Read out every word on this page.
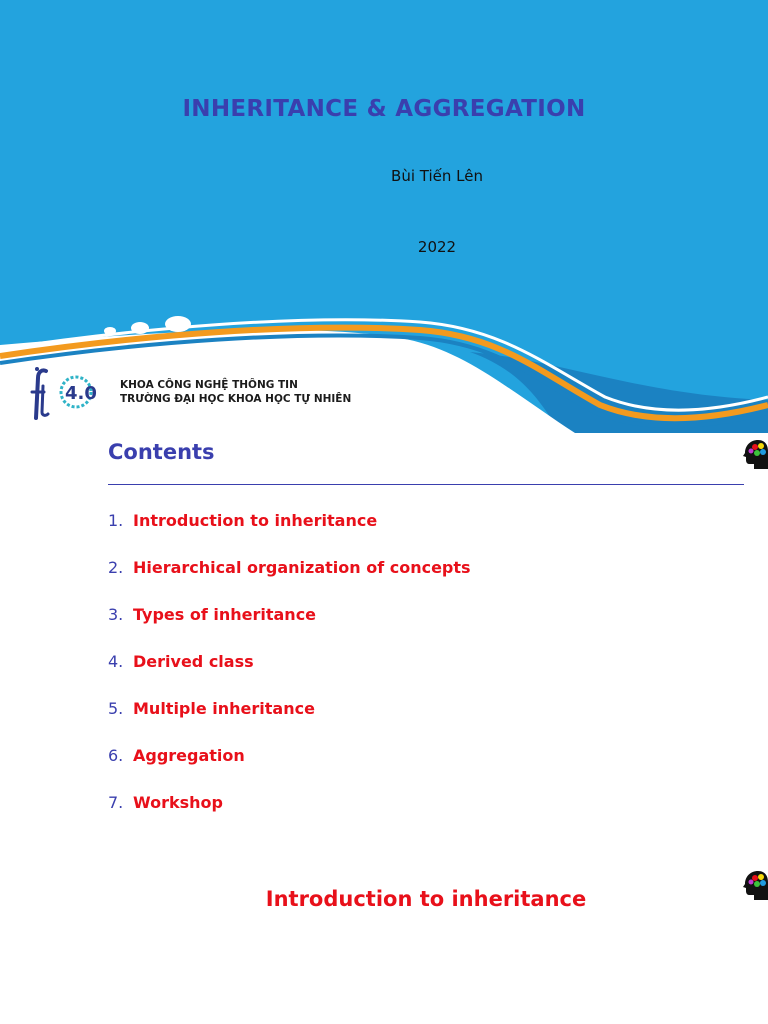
INHERITANCE & AGGREGATION
Bùi Tiến Lên
2022
4.0 KHOA CÔNG NGHỆ THÔNG TIN
TRƯỜNG ĐẠI HỌC KHOA HỌC TỰ NHIÊN
Contents
1. Introduction to inheritance
2. Hierarchical organization of concepts
3. Types of inheritance
4. Derived class
5. Multiple inheritance
6. Aggregation
7. Workshop
Introduction to inheritance
